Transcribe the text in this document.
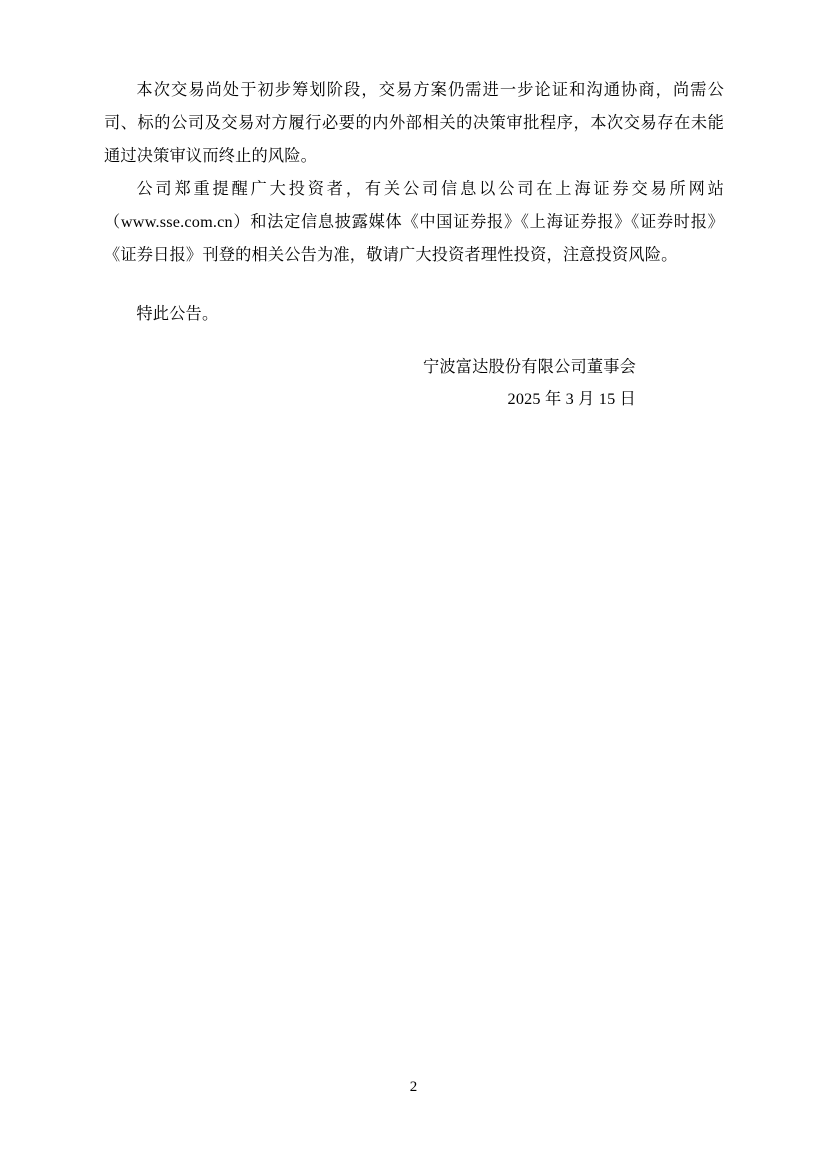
本次交易尚处于初步筹划阶段，交易方案仍需进一步论证和沟通协商，尚需公司、标的公司及交易对方履行必要的内外部相关的决策审批程序，本次交易存在未能通过决策审议而终止的风险。

公司郑重提醒广大投资者，有关公司信息以公司在上海证券交易所网站（www.sse.com.cn）和法定信息披露媒体《中国证券报》《上海证券报》《证券时报》《证券日报》刊登的相关公告为准，敬请广大投资者理性投资，注意投资风险。

特此公告。

宁波富达股份有限公司董事会
2025 年 3 月 15 日
2
